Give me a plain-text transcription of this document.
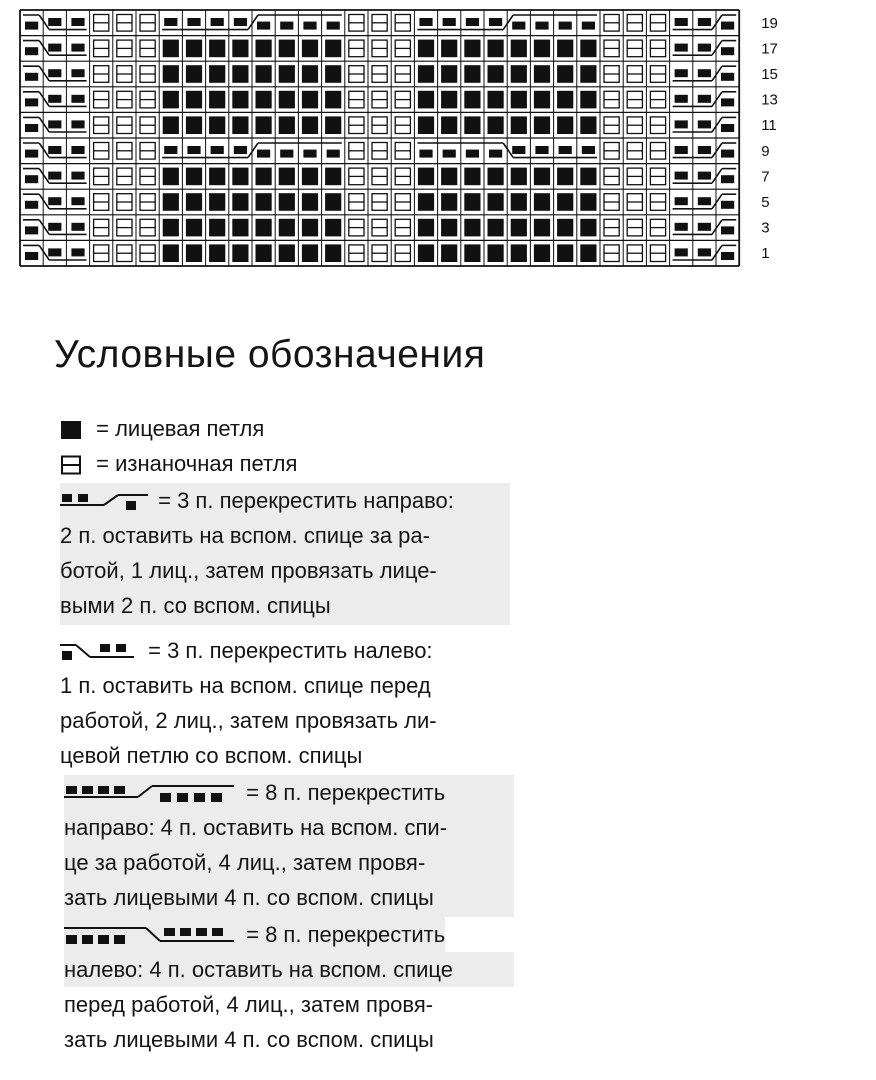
19
17
15
13
11
9
7
5
3
1
Условные обозначения
= лицевая петля
= изнаночная петля
= 3 п. перекрестить направо:
2 п. оставить на вспом. спице за ра-
ботой, 1 лиц., затем провязать лице-
выми 2 п. со вспом. спицы
= 3 п. перекрестить налево:
1 п. оставить на вспом. спице перед
работой, 2 лиц., затем провязать ли-
цевой петлю со вспом. спицы
= 8 п. перекрестить
направо: 4 п. оставить на вспом. спи-
це за работой, 4 лиц., затем провя-
зать лицевыми 4 п. со вспом. спицы
= 8 п. перекрестить
налево: 4 п. оставить на вспом. спице
перед работой, 4 лиц., затем провя-
зать лицевыми 4 п. со вспом. спицы
